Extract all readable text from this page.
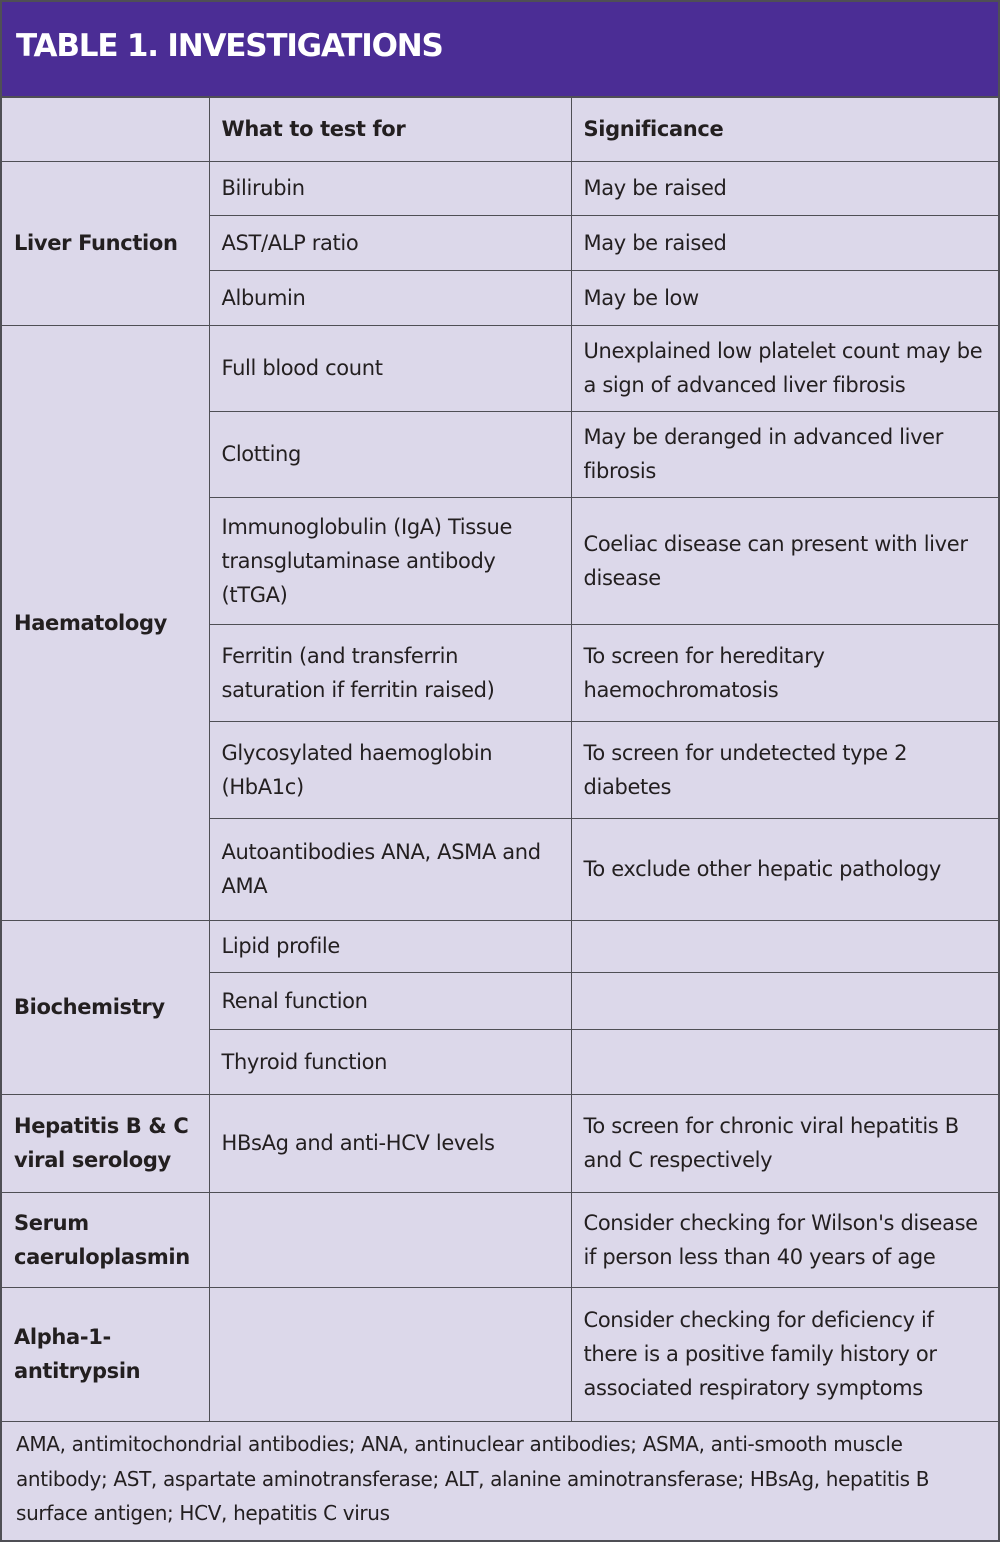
TABLE 1. INVESTIGATIONS
	What to test for	Significance
Liver Function	Bilirubin	May be raised
	AST/ALP ratio	May be raised
	Albumin	May be low
Haematology	Full blood count	Unexplained low platelet count may be a sign of advanced liver fibrosis
	Clotting	May be deranged in advanced liver fibrosis
	Immunoglobulin (IgA) Tissue transglutaminase antibody (tTGA)	Coeliac disease can present with liver disease
	Ferritin (and transferrin saturation if ferritin raised)	To screen for hereditary haemochromatosis
	Glycosylated haemoglobin (HbA1c)	To screen for undetected type 2 diabetes
	Autoantibodies ANA, ASMA and AMA	To exclude other hepatic pathology
Biochemistry	Lipid profile	
	Renal function	
	Thyroid function	
Hepatitis B & C viral serology	HBsAg and anti-HCV levels	To screen for chronic viral hepatitis B and C respectively
Serum caeruloplasmin		Consider checking for Wilson's disease if person less than 40 years of age
Alpha-1-antitrypsin		Consider checking for deficiency if there is a positive family history or associated respiratory symptoms
AMA, antimitochondrial antibodies; ANA, antinuclear antibodies; ASMA, anti-smooth muscle antibody; AST, aspartate aminotransferase; ALT, alanine aminotransferase; HBsAg, hepatitis B surface antigen; HCV, hepatitis C virus
